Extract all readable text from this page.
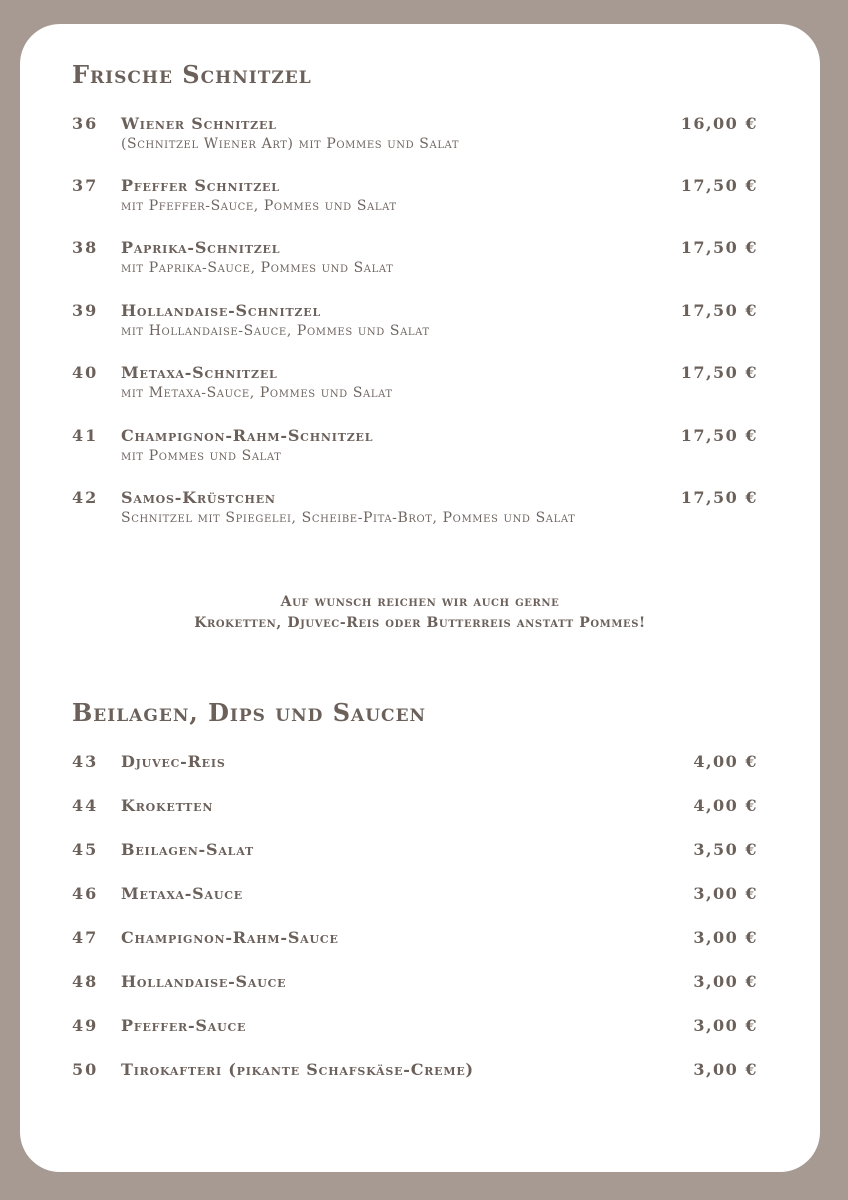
Frische Schnitzel
36 Wiener Schnitzel
(Schnitzel Wiener Art) mit Pommes und Salat
16,00 €
37 Pfeffer Schnitzel
mit Pfeffer-Sauce, Pommes und Salat
17,50 €
38 Paprika-Schnitzel
mit Paprika-Sauce, Pommes und Salat
17,50 €
39 Hollandaise-Schnitzel
mit Hollandaise-Sauce, Pommes und Salat
17,50 €
40 Metaxa-Schnitzel
mit Metaxa-Sauce, Pommes und Salat
17,50 €
41 Champignon-Rahm-Schnitzel
mit Pommes und Salat
17,50 €
42 Samos-Krüstchen
Schnitzel mit Spiegelei, Scheibe-Pita-Brot, Pommes und Salat
17,50 €
Auf wunsch reichen wir auch gerne
Kroketten, Djuvec-Reis oder Butterreis anstatt Pommes!
Beilagen, Dips und Saucen
43 Djuvec-Reis	4,00 €
44 Kroketten	4,00 €
45 Beilagen-Salat	3,50 €
46 Metaxa-Sauce	3,00 €
47 Champignon-Rahm-Sauce	3,00 €
48 Hollandaise-Sauce	3,00 €
49 Pfeffer-Sauce	3,00 €
50 Tirokafteri (pikante Schafskäse-Creme)	3,00 €
